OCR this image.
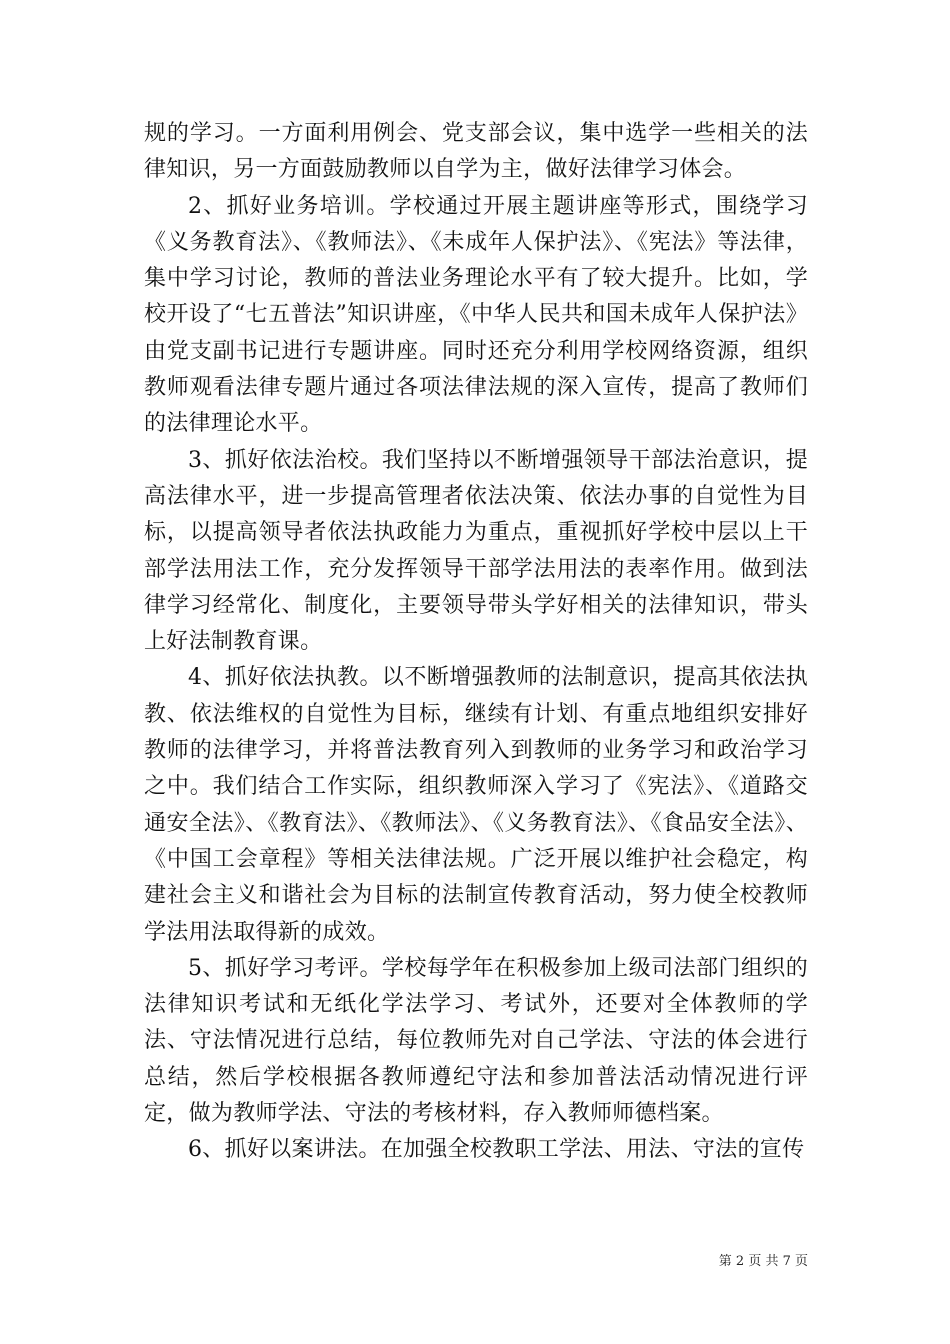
规的学习。一方面利用例会、党支部会议，集中选学一些相关的法律知识，另一方面鼓励教师以自学为主，做好法律学习体会。

2、抓好业务培训。学校通过开展主题讲座等形式，围绕学习《义务教育法》、《教师法》、《未成年人保护法》、《宪法》等法律，集中学习讨论，教师的普法业务理论水平有了较大提升。比如，学校开设了“七五普法”知识讲座，《中华人民共和国未成年人保护法》由党支副书记进行专题讲座。同时还充分利用学校网络资源，组织教师观看法律专题片通过各项法律法规的深入宣传，提高了教师们的法律理论水平。

3、抓好依法治校。我们坚持以不断增强领导干部法治意识，提高法律水平，进一步提高管理者依法决策、依法办事的自觉性为目标，以提高领导者依法执政能力为重点，重视抓好学校中层以上干部学法用法工作，充分发挥领导干部学法用法的表率作用。做到法律学习经常化、制度化，主要领导带头学好相关的法律知识，带头上好法制教育课。

4、抓好依法执教。以不断增强教师的法制意识，提高其依法执教、依法维权的自觉性为目标，继续有计划、有重点地组织安排好教师的法律学习，并将普法教育列入到教师的业务学习和政治学习之中。我们结合工作实际，组织教师深入学习了《宪法》、《道路交通安全法》、《教育法》、《教师法》、《义务教育法》、《食品安全法》、《中国工会章程》等相关法律法规。广泛开展以维护社会稳定，构建社会主义和谐社会为目标的法制宣传教育活动，努力使全校教师学法用法取得新的成效。

5、抓好学习考评。学校每学年在积极参加上级司法部门组织的法律知识考试和无纸化学法学习、考试外，还要对全体教师的学法、守法情况进行总结，每位教师先对自己学法、守法的体会进行总结，然后学校根据各教师遵纪守法和参加普法活动情况进行评定，做为教师学法、守法的考核材料，存入教师师德档案。

6、抓好以案讲法。在加强全校教职工学法、用法、守法的宣传

第 2 页 共 7 页
